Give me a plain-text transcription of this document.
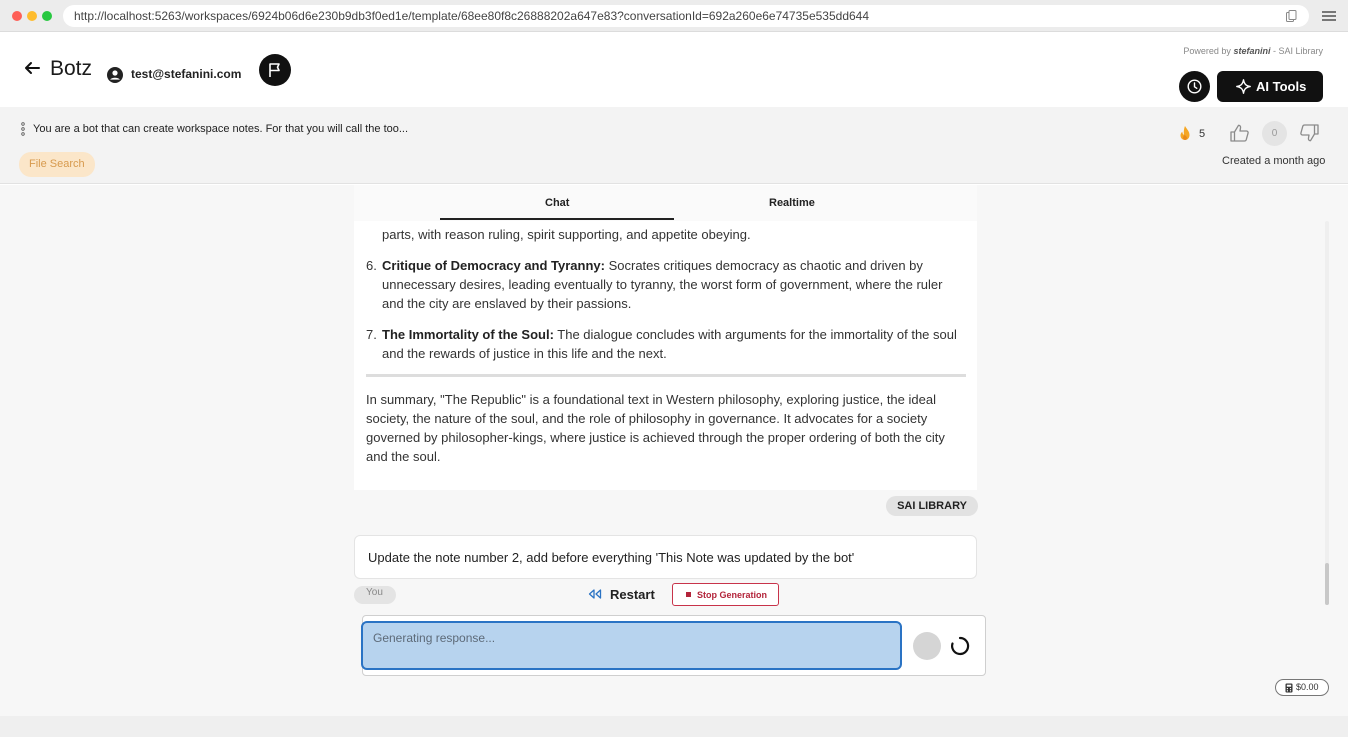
http://localhost:5263/workspaces/6924b06d6e230b9db3f0ed1e/template/68ee80f8c26888202a647e83?conversationId=692a260e6e74735e535dd644
Botz	test@stefanini.com
Powered by stefanini - SAI Library
AI Tools
You are a bot that can create workspace notes. For that you will call the too...
File Search
5	0
Created a month ago
Chat	Realtime
parts, with reason ruling, spirit supporting, and appetite obeying.
6. Critique of Democracy and Tyranny: Socrates critiques democracy as chaotic and driven by unnecessary desires, leading eventually to tyranny, the worst form of government, where the ruler and the city are enslaved by their passions.
7. The Immortality of the Soul: The dialogue concludes with arguments for the immortality of the soul and the rewards of justice in this life and the next.
In summary, "The Republic" is a foundational text in Western philosophy, exploring justice, the ideal society, the nature of the soul, and the role of philosophy in governance. It advocates for a society governed by philosopher-kings, where justice is achieved through the proper ordering of both the city and the soul.
SAI LIBRARY
Update the note number 2, add before everything 'This Note was updated by the bot'
You	Restart	Stop Generation
Generating response...
$0.00
